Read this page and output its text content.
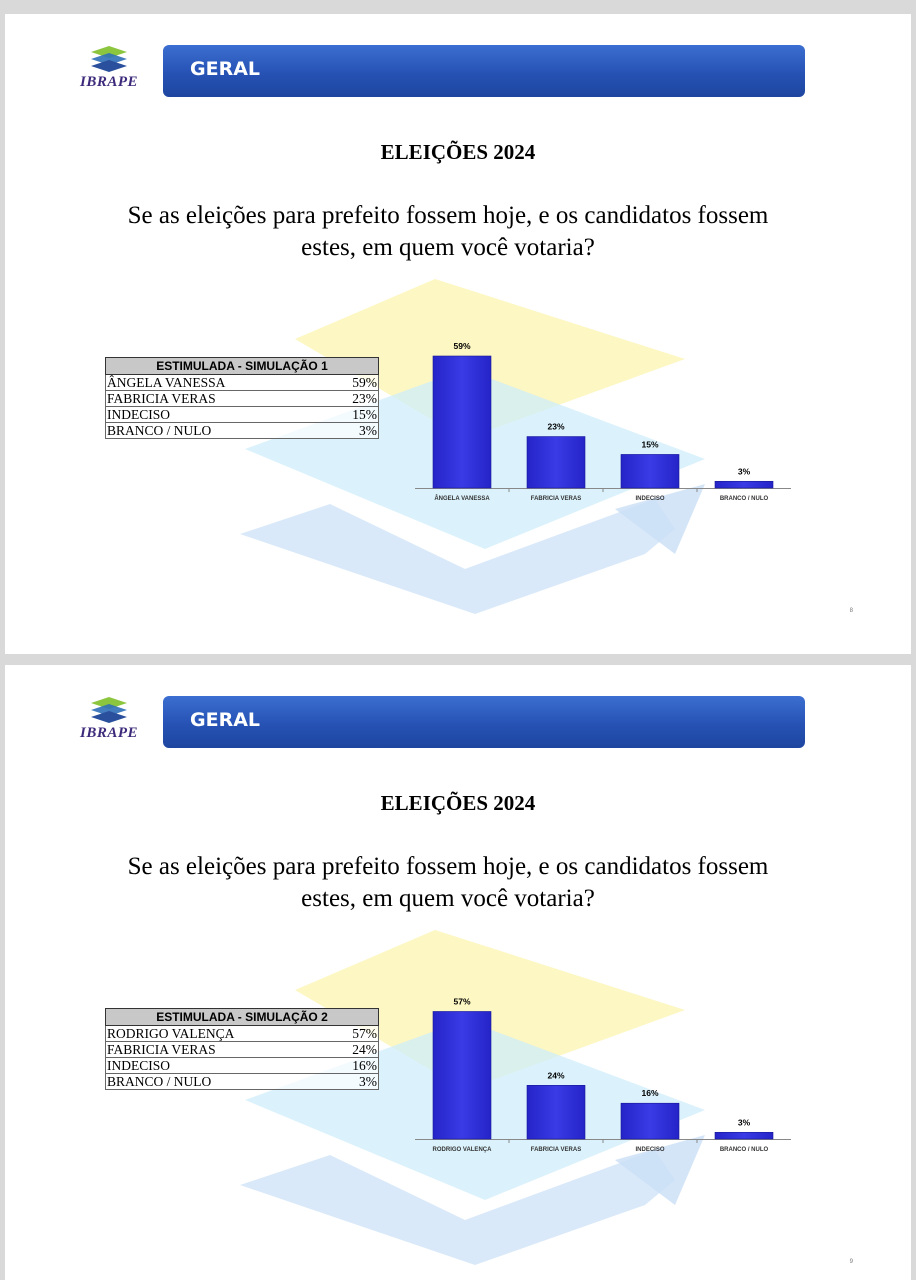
IBRAPE
GERAL
ELEIÇÕES 2024
Se as eleições para prefeito fossem hoje, e os candidatos fossem
estes, em quem você votaria?
ESTIMULADA - SIMULAÇÃO 1	
ÂNGELA VANESSA	59%
FABRICIA VERAS	23%
INDECISO	15%
BRANCO / NULO	3%
59%
ÂNGELA VANESSA
23%
FABRICIA VERAS
15%
INDECISO
3%
BRANCO / NULO
8
IBRAPE
GERAL
ELEIÇÕES 2024
Se as eleições para prefeito fossem hoje, e os candidatos fossem
estes, em quem você votaria?
ESTIMULADA - SIMULAÇÃO 2	
RODRIGO VALENÇA	57%
FABRICIA VERAS	24%
INDECISO	16%
BRANCO / NULO	3%
57%
RODRIGO VALENÇA
24%
FABRICIA VERAS
16%
INDECISO
3%
BRANCO / NULO
9
